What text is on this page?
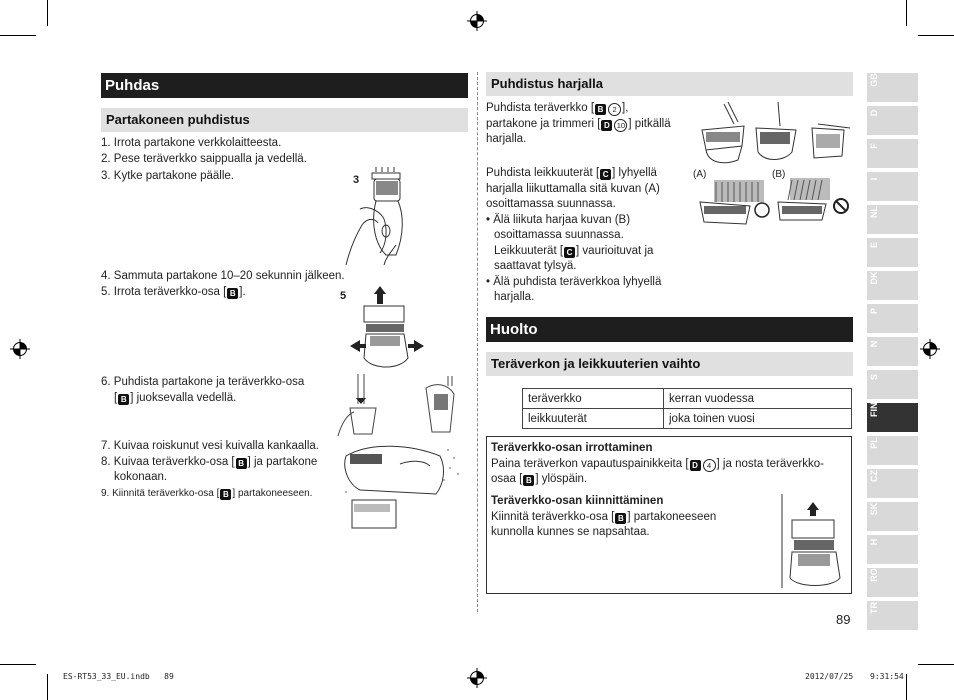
Puhdas
Partakoneen puhdistus
1. Irrota partakone verkkolaitteesta.
2. Pese teräverkko saippualla ja vedellä.
3. Kytke partakone päälle.
4. Sammuta partakone 10–20 sekunnin jälkeen.
5. Irrota teräverkko-osa [ B ].
6. Puhdista partakone ja teräverkko-osa
[ B ] juoksevalla vedellä.
7. Kuivaa roiskunut vesi kuivalla kankaalla.
8. Kuivaa teräverkko-osa [ B ] ja partakone
kokonaan.
9. Kiinnitä teräverkko-osa [ B ] partakoneeseen.
3
5
Puhdistus harjalla
Puhdista teräverkko [ B 2 ],
partakone ja trimmeri [ D 10 ] pitkällä
harjalla.
Puhdista leikkuuterät [ C ] lyhyellä
harjalla liikuttamalla sitä kuvan (A)
osoittamassa suunnassa.
• Älä liikuta harjaa kuvan (B)
osoittamassa suunnassa.
Leikkuuterät [ C ] vaurioituvat ja
saattavat tylsyä.
• Älä puhdista teräverkkoa lyhyellä
harjalla.
(A)	(B)
Huolto
Teräverkon ja leikkuuterien vaihto
teräverkko	kerran vuodessa
leikkuuterät	joka toinen vuosi
Teräverkko-osan irrottaminen
Paina teräverkon vapautuspainikkeita [ D 4 ] ja nosta teräverkko-
osaa [ B ] ylöspäin.
Teräverkko-osan kiinnittäminen
Kiinnitä teräverkko-osa [ B ] partakoneeseen
kunnolla kunnes se napsahtaa.
GB
D
F
I
NL
E
DK
P
N
S
FIN
PL
CZ
SK
H
RO
TR
89
ES-RT53_33_EU.indb   89	2012/07/25 9:31:54
